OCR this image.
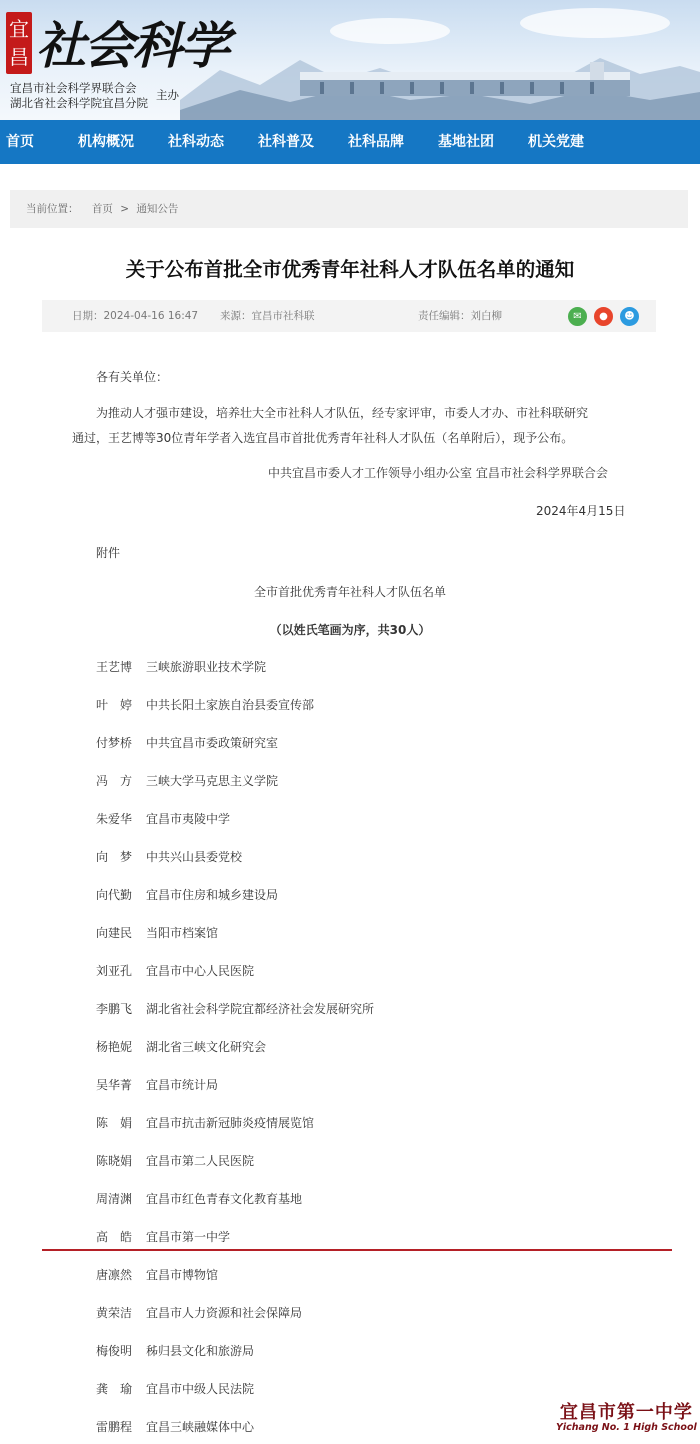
宜昌 社会科学
宜昌市社会科学界联合会
湖北省社会科学院宜昌分院
主办
首页	机构概况	社科动态	社科普及	社科品牌	基地社团	机关党建
当前位置： 首页 > 通知公告
关于公布首批全市优秀青年社科人才队伍名单的通知
日期：2024-04-16 16:47 来源：宜昌市社科联	责任编辑：刘白柳	✉	●	☻
各有关单位：
为推动人才强市建设，培养壮大全市社科人才队伍，经专家评审，市委人才办、市社科联研究
通过，王艺博等30位青年学者入选宜昌市首批优秀青年社科人才队伍（名单附后），现予公布。
中共宜昌市委人才工作领导小组办公室 宜昌市社会科学界联合会
2024年4月15日
附件
全市首批优秀青年社科人才队伍名单
（以姓氏笔画为序，共30人）
王艺博 三峡旅游职业技术学院
叶　婷 中共长阳土家族自治县委宣传部
付梦桥 中共宜昌市委政策研究室
冯　方 三峡大学马克思主义学院
朱爱华 宜昌市夷陵中学
向　梦 中共兴山县委党校
向代勤 宜昌市住房和城乡建设局
向建民 当阳市档案馆
刘亚孔 宜昌市中心人民医院
李鹏飞 湖北省社会科学院宜都经济社会发展研究所
杨艳妮 湖北省三峡文化研究会
吴华菁 宜昌市统计局
陈　娟 宜昌市抗击新冠肺炎疫情展览馆
陈晓娟 宜昌市第二人民医院
周清渊 宜昌市红色青春文化教育基地
高　皓 宜昌市第一中学
唐凛然 宜昌市博物馆
黄荣洁 宜昌市人力资源和社会保障局
梅俊明 秭归县文化和旅游局
龚　瑜 宜昌市中级人民法院
雷鹏程 宜昌三峡融媒体中心
宜昌市第一中学
Yichang No. 1 High School
